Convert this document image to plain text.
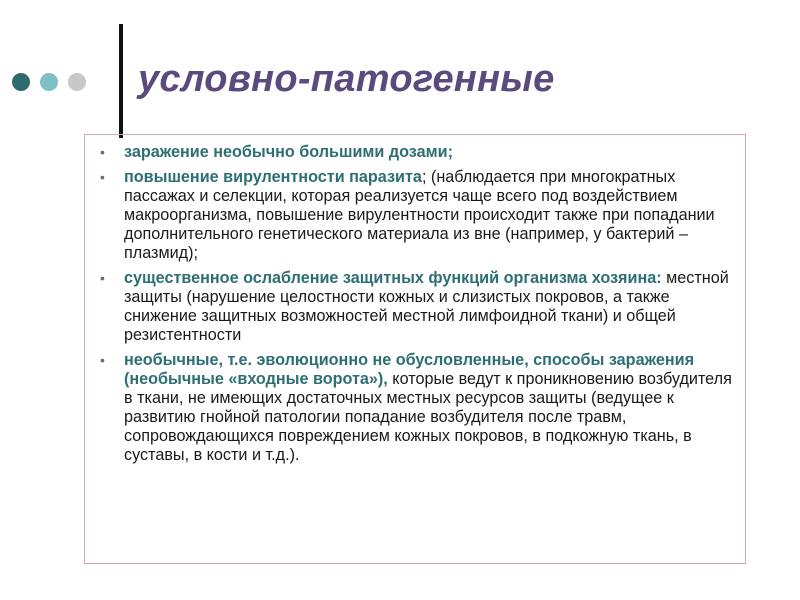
условно-патогенные
• заражение необычно большими дозами;
• повышение вирулентности паразита; (наблюдается при многократных пассажах и селекции, которая реализуется чаще всего под воздействием макроорганизма, повышение вирулентности происходит также при попадании дополнительного генетического материала из вне (например, у бактерий – плазмид);
• существенное ослабление защитных функций организма хозяина: местной защиты (нарушение целостности кожных и слизистых покровов, а также снижение защитных возможностей местной лимфоидной ткани) и общей резистентности
• необычные, т.е. эволюционно не обусловленные, способы заражения (необычные «входные ворота»), которые ведут к проникновению возбудителя в ткани, не имеющих достаточных местных ресурсов защиты (ведущее к развитию гнойной патологии попадание возбудителя после травм, сопровождающихся повреждением кожных покровов, в подкожную ткань, в суставы, в кости и т.д.).
